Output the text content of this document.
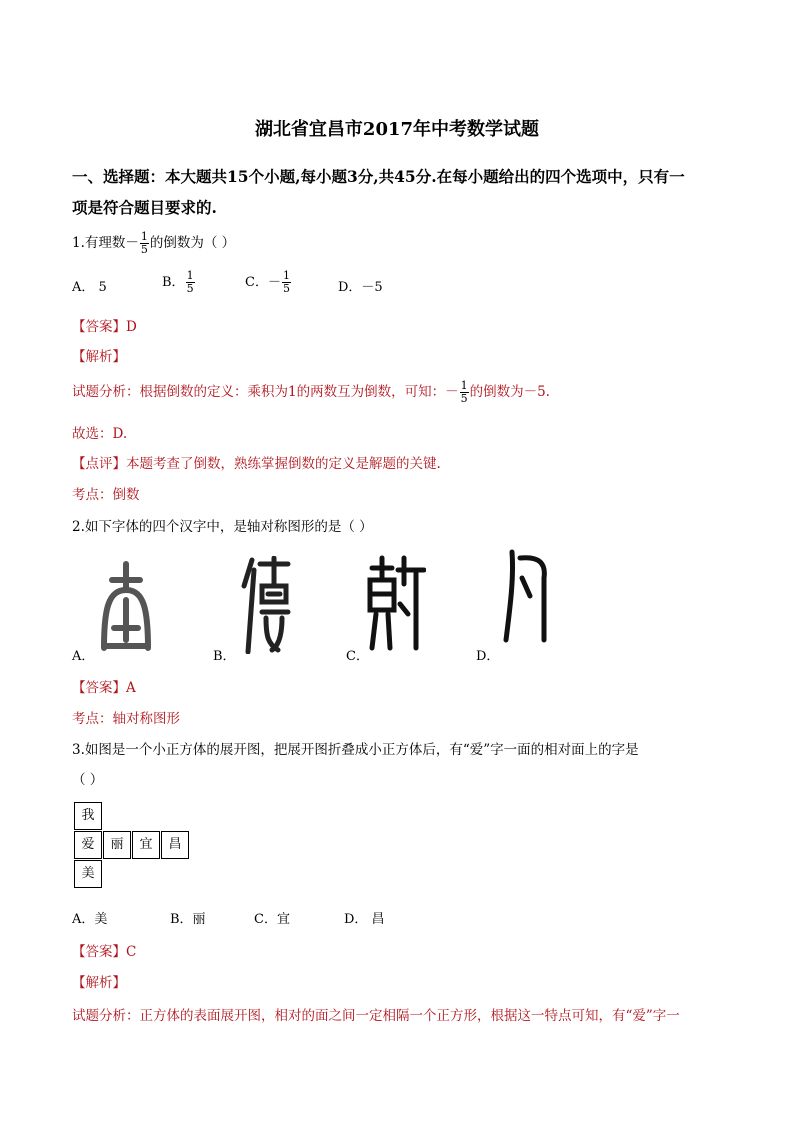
湖北省宜昌市2017年中考数学试题
一、选择题：本大题共15个小题,每小题3分,共45分.在每小题给出的四个选项中，只有一
项是符合题目要求的.
1.有理数－ $\frac{1}{5}$ 的倒数为（ ）
A． 5	B． $\frac{1}{5}$	C．－ $\frac{1}{5}$	D．－5
【答案】D
【解析】
试题分析：根据倒数的定义：乘积为1的两数互为倒数，可知：－ $\frac{1}{5}$ 的倒数为－5.
故选：D.
【点评】本题考查了倒数，熟练掌握倒数的定义是解题的关键.
考点：倒数
2.如下字体的四个汉字中，是轴对称图形的是（ ）
A．	B．	C．	D．
【答案】A
考点：轴对称图形
3.如图是一个小正方体的展开图，把展开图折叠成小正方体后，有“爱”字一面的相对面上的字是
（ ）
我
爱	丽	宜	昌
美
A．美	B．丽	C．宜	D． 昌
【答案】C
【解析】
试题分析：正方体的表面展开图，相对的面之间一定相隔一个正方形，根据这一特点可知，有“爱”字一
